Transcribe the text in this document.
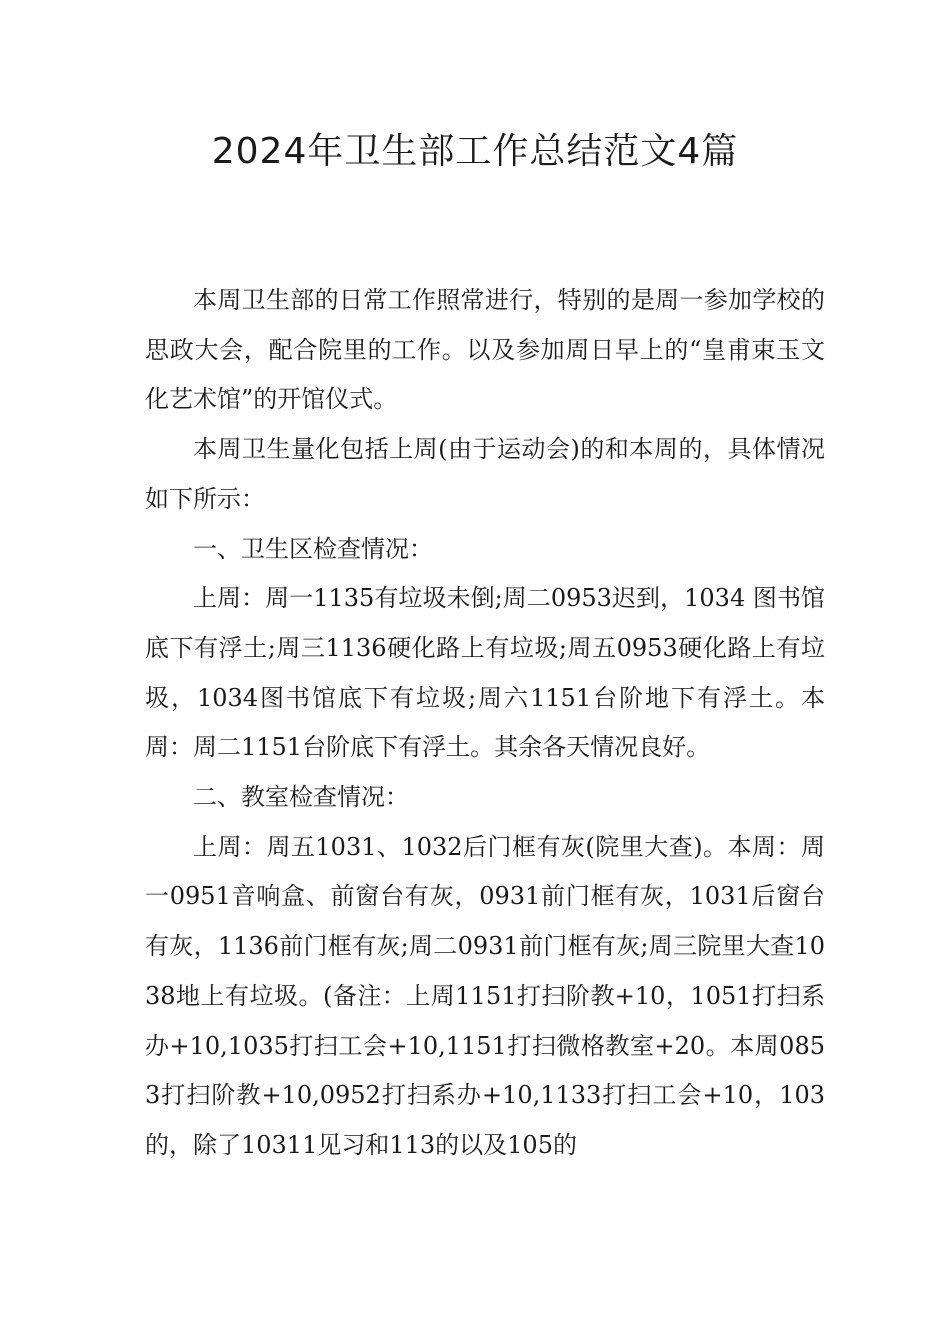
2024年卫生部工作总结范文4篇

本周卫生部的日常工作照常进行，特别的是周一参加学校的思政大会，配合院里的工作。以及参加周日早上的“皇甫束玉文化艺术馆”的开馆仪式。

本周卫生量化包括上周(由于运动会)的和本周的，具体情况如下所示：

一、卫生区检查情况：

上周：周一1135有垃圾未倒;周二0953迟到，1034 图书馆底下有浮土;周三1136硬化路上有垃圾;周五0953硬化路上有垃圾，1034图书馆底下有垃圾;周六1151台阶地下有浮土。本周：周二1151台阶底下有浮土。其余各天情况良好。

二、教室检查情况：

上周：周五1031、1032后门框有灰(院里大查)。本周：周一0951音响盒、前窗台有灰，0931前门框有灰，1031后窗台有灰，1136前门框有灰;周二0931前门框有灰;周三院里大查1038地上有垃圾。(备注：上周1151打扫阶教+10，1051打扫系办+10,1035打扫工会+10,1151打扫微格教室+20。本周0853打扫阶教+10,0952打扫系办+10,1133打扫工会+10，103的，除了10311见习和113的以及105的
